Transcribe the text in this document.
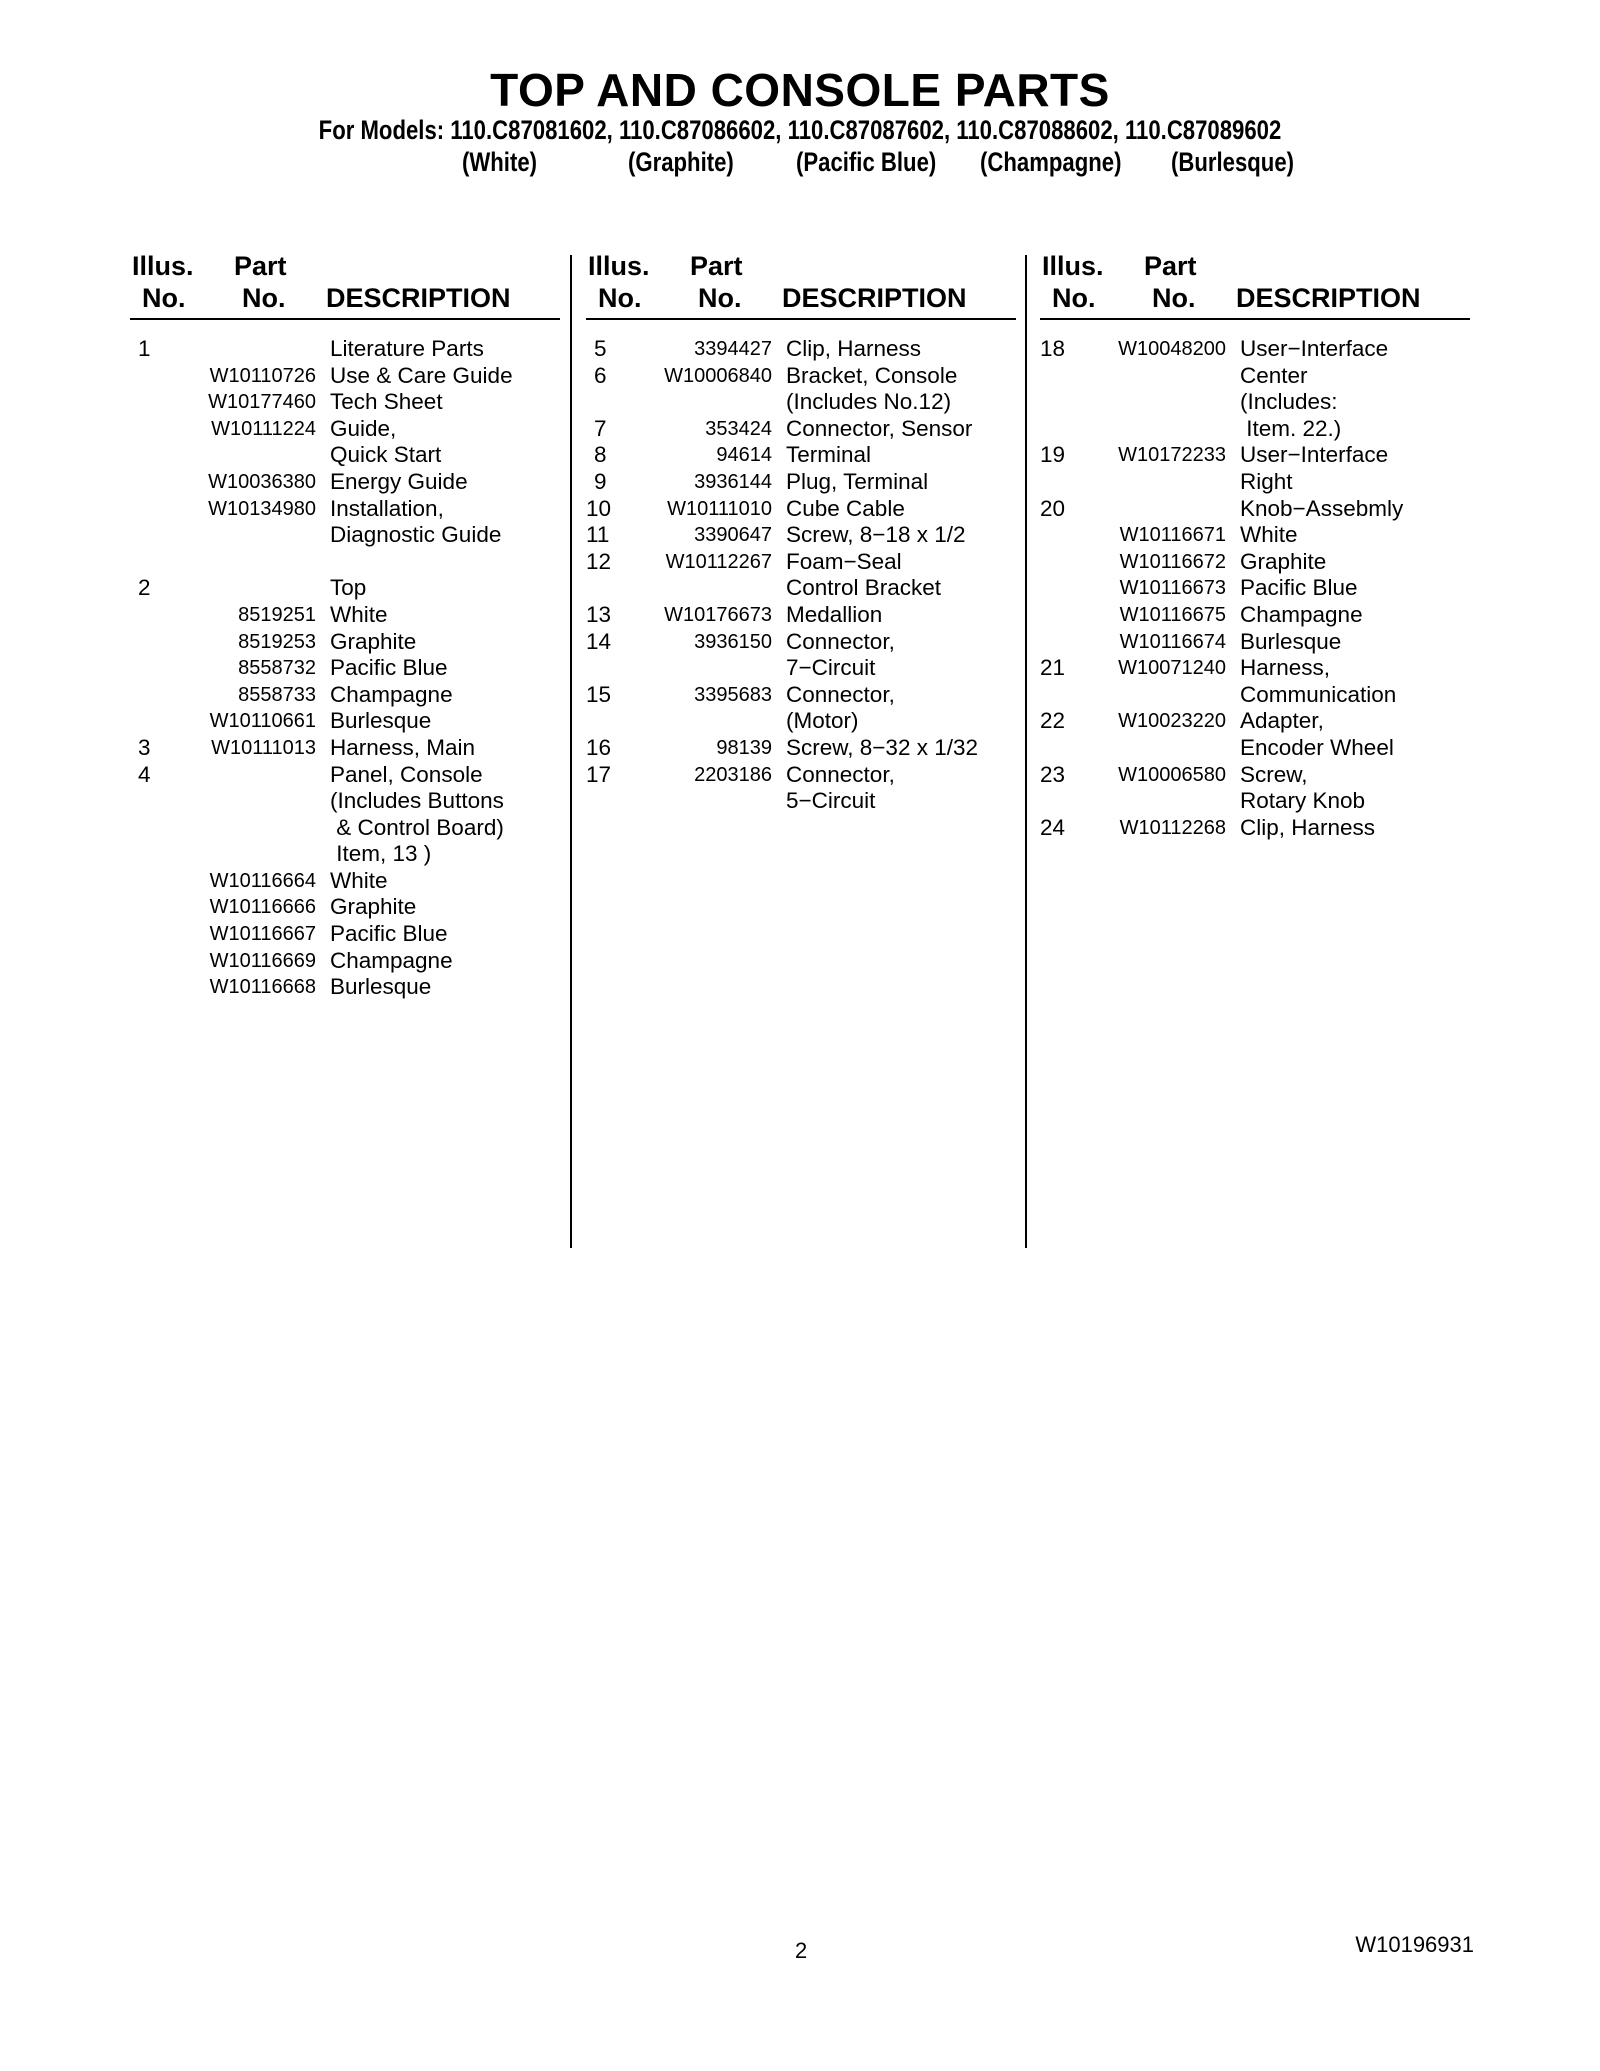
TOP AND CONSOLE PARTS
For Models: 110.C87081602, 110.C87086602, 110.C87087602, 110.C87088602, 110.C87089602
(White)	(Graphite) (Pacific Blue) (Champagne) (Burlesque)
Illus.
No.
Part
No. DESCRIPTION
1	Literature Parts
W10110726 Use & Care Guide
W10177460 Tech Sheet
W10111224 Guide,
Quick Start
W10036380 Energy Guide
W10134980 Installation,
Diagnostic Guide
2	Top
8519251 White
8519253 Graphite
8558732 Pacific Blue
8558733 Champagne
W10110661 Burlesque
3	W10111013 Harness, Main
4	Panel, Console
(Includes Buttons
& Control Board)
Item, 13 )
W10116664 White
W10116666 Graphite
W10116667 Pacific Blue
W10116669 Champagne
W10116668 Burlesque
Illus.
No.
Part
No. DESCRIPTION
5	3394427 Clip, Harness
6	W10006840 Bracket, Console
(Includes No.12)
7	353424 Connector, Sensor
8	94614 Terminal
9	3936144 Plug, Terminal
10	W10111010 Cube Cable
11	3390647 Screw, 8−18 x 1/2
12	W10112267 Foam−Seal
Control Bracket
13	W10176673 Medallion
14	3936150 Connector,
7−Circuit
15	3395683 Connector,
(Motor)
16	98139 Screw, 8−32 x 1/32
17	2203186 Connector,
5−Circuit
Illus.
No.
Part
No. DESCRIPTION
18	W10048200 User−Interface
Center
(Includes:
Item. 22.)
19	W10172233 User−Interface
Right
20	Knob−Assebmly
W10116671 White
W10116672 Graphite
W10116673 Pacific Blue
W10116675 Champagne
W10116674 Burlesque
21	W10071240 Harness,
Communication
22	W10023220 Adapter,
Encoder Wheel
23	W10006580 Screw,
Rotary Knob
24	W10112268 Clip, Harness
2	W10196931
